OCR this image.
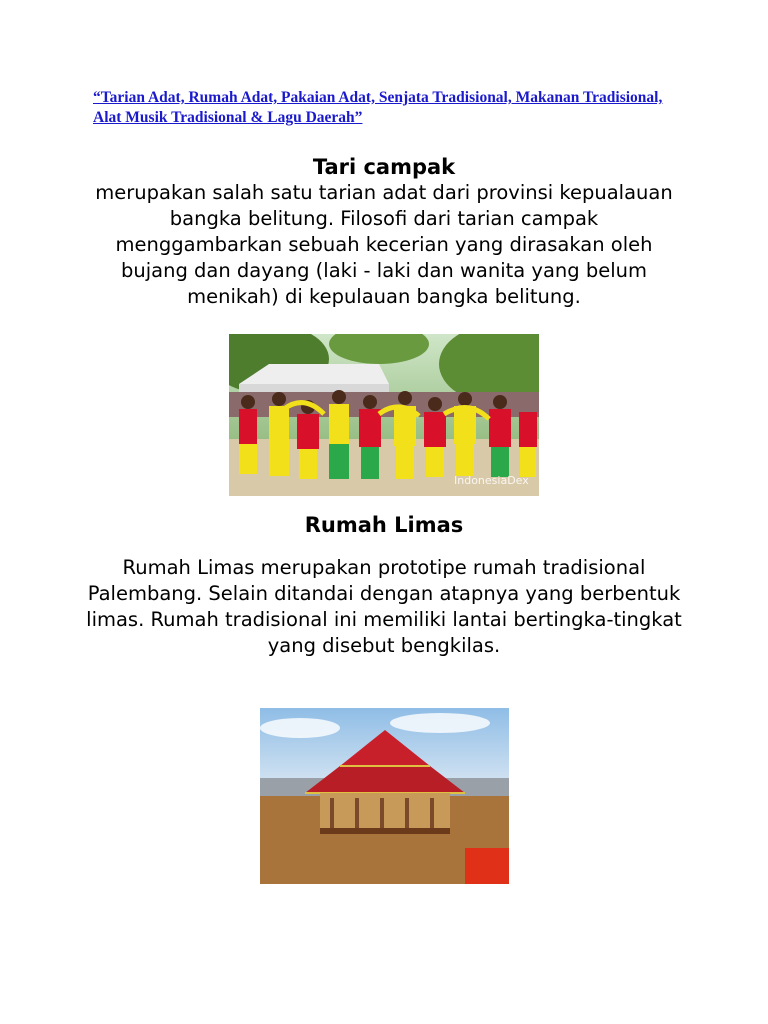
“Tarian Adat, Rumah Adat, Pakaian Adat, Senjata Tradisional, Makanan Tradisional, Alat Musik Tradisional & Lagu Daerah”
Tari campak
merupakan salah satu tarian adat dari provinsi kepualauan bangka belitung. Filosofi dari tarian campak menggambarkan sebuah kecerian yang dirasakan oleh bujang dan dayang (laki - laki dan wanita yang belum menikah) di kepulauan bangka belitung.
IndonesiaDex
Rumah Limas
Rumah Limas merupakan prototipe rumah tradisional Palembang. Selain ditandai dengan atapnya yang berbentuk limas. Rumah tradisional ini memiliki lantai bertingka-tingkat yang disebut bengkilas.
